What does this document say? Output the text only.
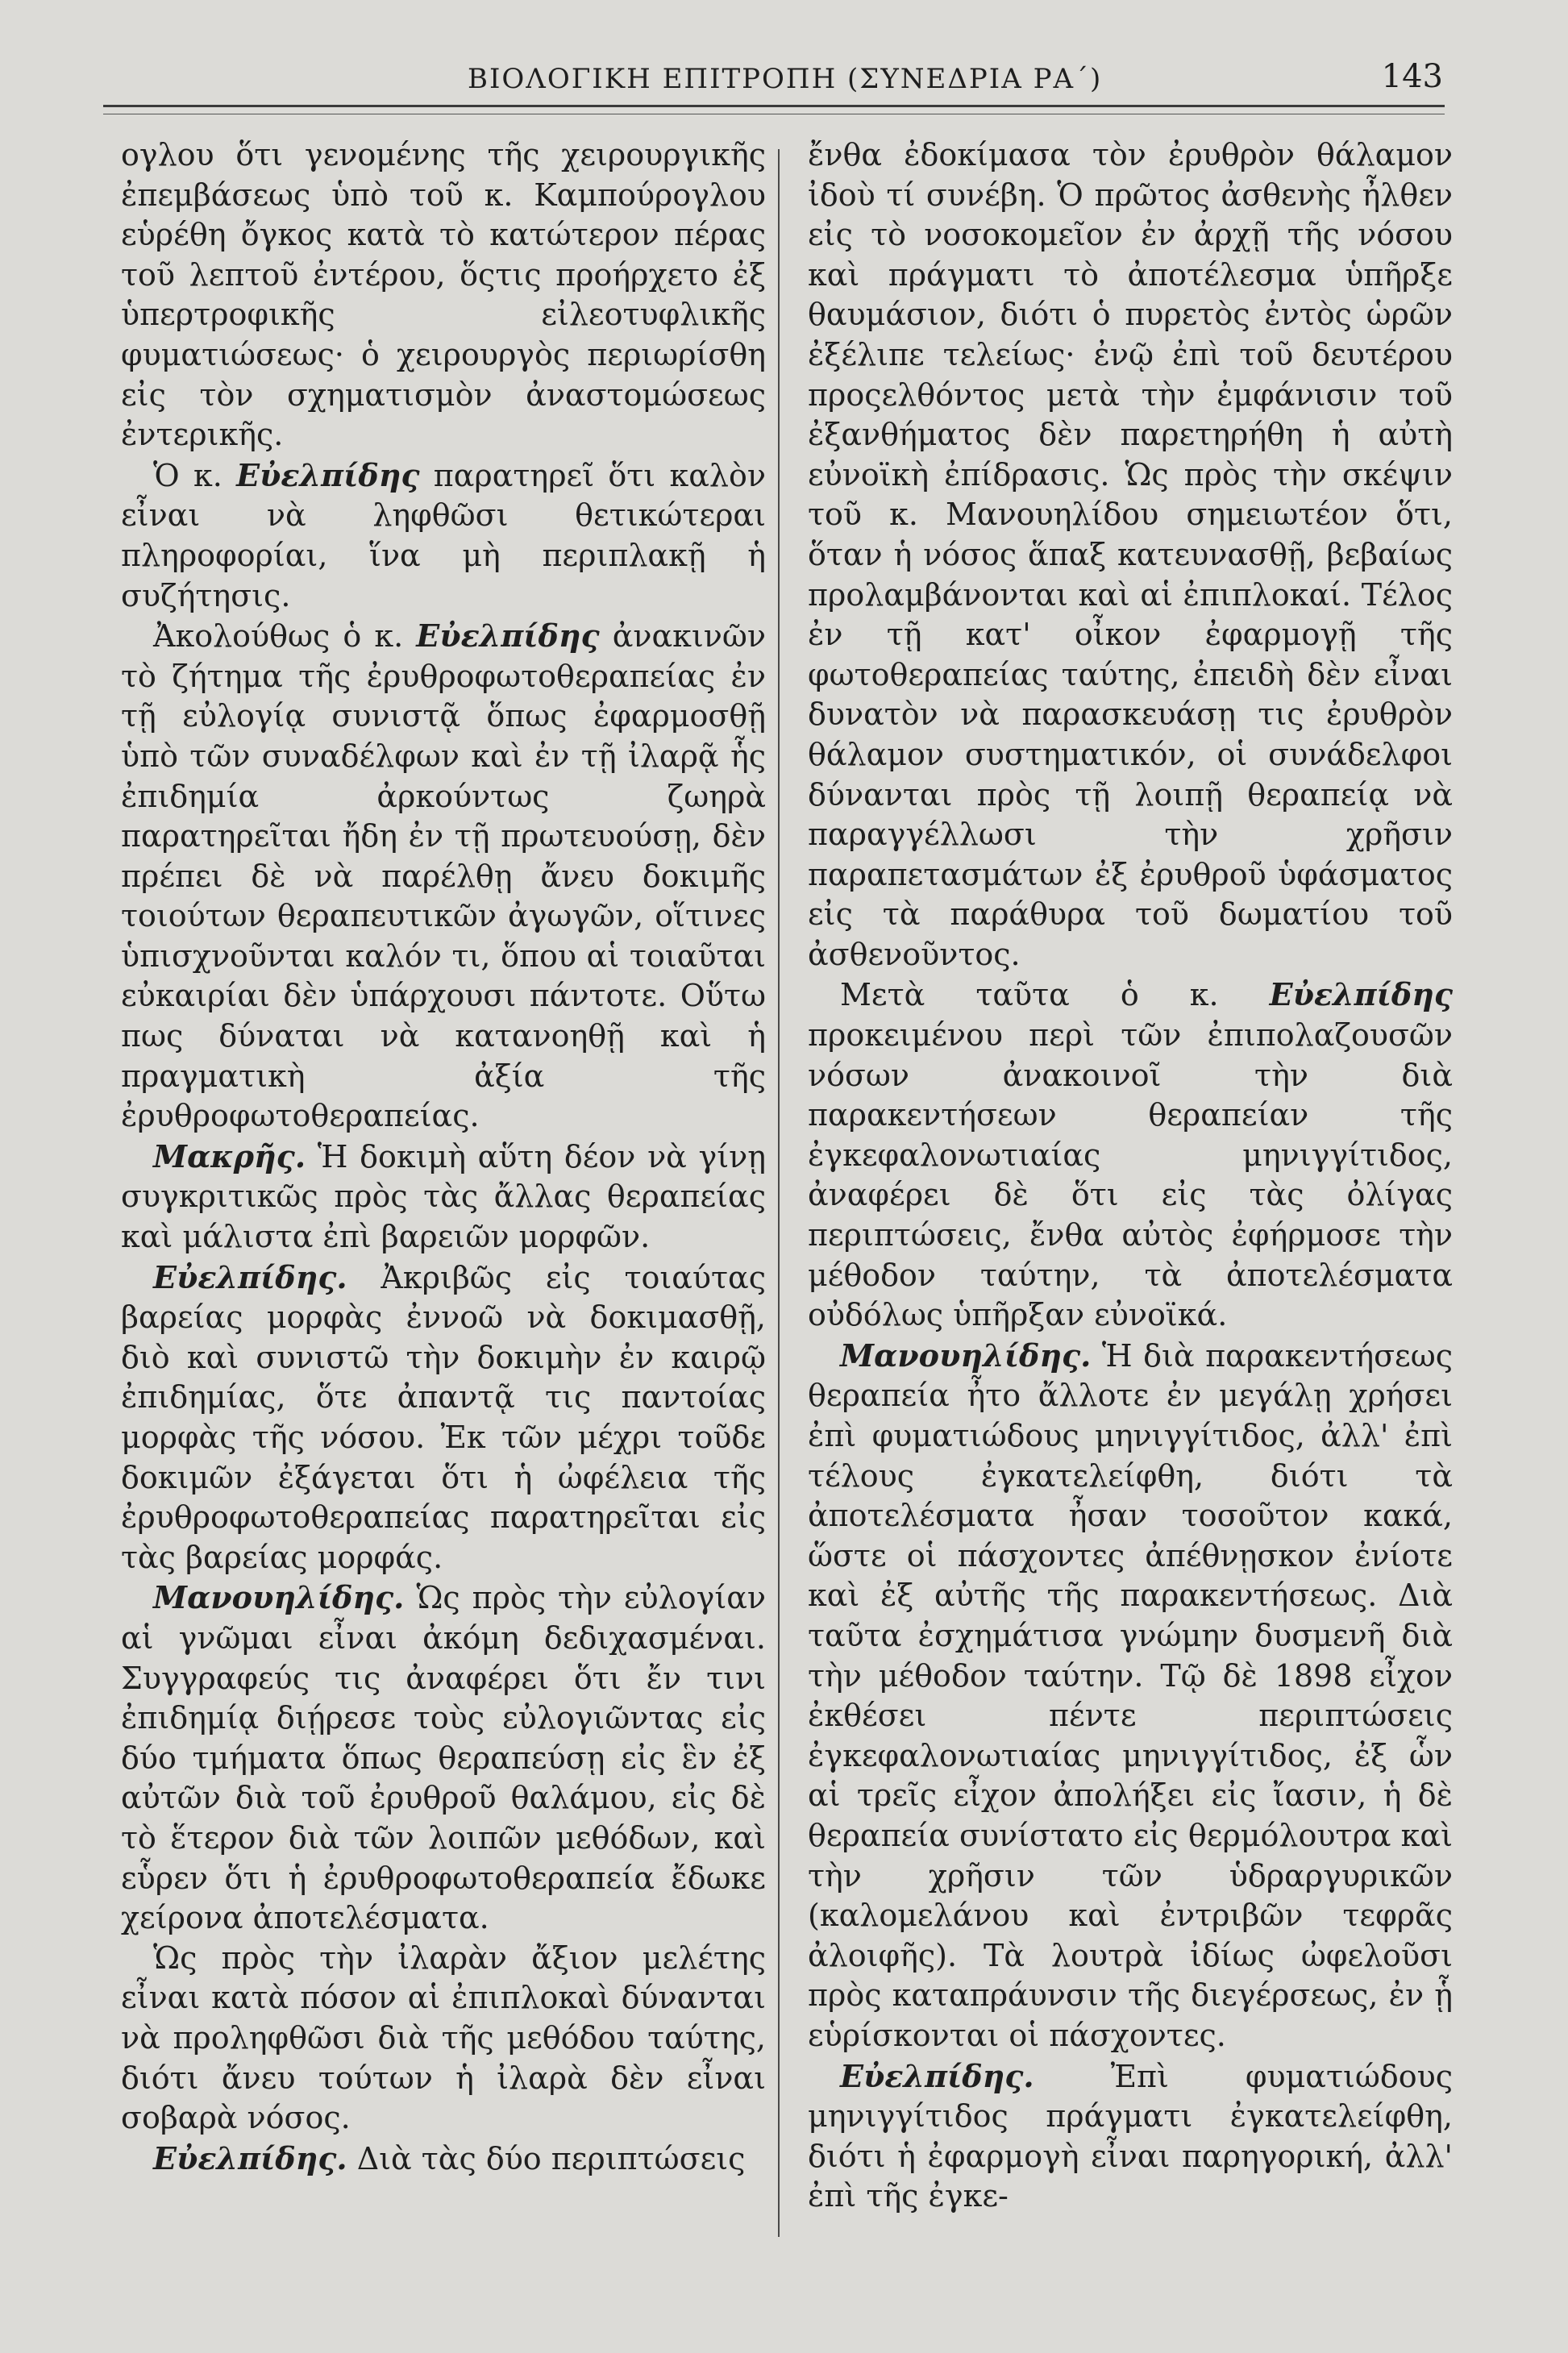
ΒΙΟΛΟΓΙΚΗ ΕΠΙΤΡΟΠΗ (ΣΥΝΕΔΡΙΑ ΡΑ΄)	143

ογλου ὅτι γενομένης τῆς χειρουργικῆς ἐπεμβάσεως ὑπὸ τοῦ κ. Καμπούρογλου εὑρέθη ὄγκος κατὰ τὸ κατώτερον πέρας τοῦ λεπτοῦ ἐντέρου, ὅςτις προήρχετο ἐξ ὑπερτροφικῆς εἰλεοτυφλικῆς φυματιώσεως· ὁ χειρουργὸς περιωρίσθη εἰς τὸν σχηματισμὸν ἀναστομώσεως ἐντερικῆς.

Ὁ κ. Εὐελπίδης παρατηρεῖ ὅτι καλὸν εἶναι νὰ ληφθῶσι θετικώτεραι πληροφορίαι, ἵνα μὴ περιπλακῇ ἡ συζήτησις.

Ἀκολούθως ὁ κ. Εὐελπίδης ἀνακινῶν τὸ ζήτημα τῆς ἐρυθροφωτοθεραπείας ἐν τῇ εὐλογίᾳ συνιστᾷ ὅπως ἐφαρμοσθῇ ὑπὸ τῶν συναδέλφων καὶ ἐν τῇ ἰλαρᾷ ἧς ἐπιδημία ἀρκούντως ζωηρὰ παρατηρεῖται ἤδη ἐν τῇ πρωτευούσῃ, δὲν πρέπει δὲ νὰ παρέλθῃ ἄνευ δοκιμῆς τοιούτων θεραπευτικῶν ἀγωγῶν, οἵτινες ὑπισχνοῦνται καλόν τι, ὅπου αἱ τοιαῦται εὐκαιρίαι δὲν ὑπάρχουσι πάντοτε. Οὕτω πως δύναται νὰ κατανοηθῇ καὶ ἡ πραγματικὴ ἀξία τῆς ἐρυθροφωτοθεραπείας.

Μακρῆς. Ἡ δοκιμὴ αὕτη δέον νὰ γίνῃ συγκριτικῶς πρὸς τὰς ἄλλας θεραπείας καὶ μάλιστα ἐπὶ βαρειῶν μορφῶν.

Εὐελπίδης. Ἀκριβῶς εἰς τοιαύτας βαρείας μορφὰς ἐννοῶ νὰ δοκιμασθῇ, διὸ καὶ συνιστῶ τὴν δοκιμὴν ἐν καιρῷ ἐπιδημίας, ὅτε ἀπαντᾷ τις παντοίας μορφὰς τῆς νόσου. Ἐκ τῶν μέχρι τοῦδε δοκιμῶν ἐξάγεται ὅτι ἡ ὠφέλεια τῆς ἐρυθροφωτοθεραπείας παρατηρεῖται εἰς τὰς βαρείας μορφάς.

Μανουηλίδης. Ὡς πρὸς τὴν εὐλογίαν αἱ γνῶμαι εἶναι ἀκόμη δεδιχασμέναι. Συγγραφεύς τις ἀναφέρει ὅτι ἔν τινι ἐπιδημίᾳ διῄρεσε τοὺς εὐλογιῶντας εἰς δύο τμήματα ὅπως θεραπεύσῃ εἰς ἓν ἐξ αὐτῶν διὰ τοῦ ἐρυθροῦ θαλάμου, εἰς δὲ τὸ ἕτερον διὰ τῶν λοιπῶν μεθόδων, καὶ εὗρεν ὅτι ἡ ἐρυθροφωτοθεραπεία ἔδωκε χείρονα ἀποτελέσματα.

Ὡς πρὸς τὴν ἰλαρὰν ἄξιον μελέτης εἶναι κατὰ πόσον αἱ ἐπιπλοκαὶ δύνανται νὰ προληφθῶσι διὰ τῆς μεθόδου ταύτης, διότι ἄνευ τούτων ἡ ἰλαρὰ δὲν εἶναι σοβαρὰ νόσος.

Εὐελπίδης. Διὰ τὰς δύο περιπτώσεις

ἔνθα ἐδοκίμασα τὸν ἐρυθρὸν θάλαμον ἰδοὺ τί συνέβη. Ὁ πρῶτος ἀσθενὴς ἦλθεν εἰς τὸ νοσοκομεῖον ἐν ἀρχῇ τῆς νόσου καὶ πράγματι τὸ ἀποτέλεσμα ὑπῆρξε θαυμάσιον, διότι ὁ πυρετὸς ἐντὸς ὡρῶν ἐξέλιπε τελείως· ἐνῷ ἐπὶ τοῦ δευτέρου προςελθόντος μετὰ τὴν ἐμφάνισιν τοῦ ἐξανθήματος δὲν παρετηρήθη ἡ αὐτὴ εὐνοϊκὴ ἐπίδρασις. Ὡς πρὸς τὴν σκέψιν τοῦ κ. Μανουηλίδου σημειωτέον ὅτι, ὅταν ἡ νόσος ἅπαξ κατευνασθῇ, βεβαίως προλαμβάνονται καὶ αἱ ἐπιπλοκαί. Τέλος ἐν τῇ κατ' οἶκον ἐφαρμογῇ τῆς φωτοθεραπείας ταύτης, ἐπειδὴ δὲν εἶναι δυνατὸν νὰ παρασκευάσῃ τις ἐρυθρὸν θάλαμον συστηματικόν, οἱ συνάδελφοι δύνανται πρὸς τῇ λοιπῇ θεραπείᾳ νὰ παραγγέλλωσι τὴν χρῆσιν παραπετασμάτων ἐξ ἐρυθροῦ ὑφάσματος εἰς τὰ παράθυρα τοῦ δωματίου τοῦ ἀσθενοῦντος.

Μετὰ ταῦτα ὁ κ. Εὐελπίδης προκειμένου περὶ τῶν ἐπιπολαζουσῶν νόσων ἀνακοινοῖ τὴν διὰ παρακεντήσεων θεραπείαν τῆς ἐγκεφαλονωτιαίας μηνιγγίτιδος, ἀναφέρει δὲ ὅτι εἰς τὰς ὀλίγας περιπτώσεις, ἔνθα αὐτὸς ἐφήρμοσε τὴν μέθοδον ταύτην, τὰ ἀποτελέσματα οὐδόλως ὑπῆρξαν εὐνοϊκά.

Μανουηλίδης. Ἡ διὰ παρακεντήσεως θεραπεία ἦτο ἄλλοτε ἐν μεγάλῃ χρήσει ἐπὶ φυματιώδους μηνιγγίτιδος, ἀλλ' ἐπὶ τέλους ἐγκατελείφθη, διότι τὰ ἀποτελέσματα ἦσαν τοσοῦτον κακά, ὥστε οἱ πάσχοντες ἀπέθνῃσκον ἐνίοτε καὶ ἐξ αὐτῆς τῆς παρακεντήσεως. Διὰ ταῦτα ἐσχημάτισα γνώμην δυσμενῆ διὰ τὴν μέθοδον ταύτην. Τῷ δὲ 1898 εἶχον ἐκθέσει πέντε περιπτώσεις ἐγκεφαλονωτιαίας μηνιγγίτιδος, ἐξ ὧν αἱ τρεῖς εἶχον ἀπολήξει εἰς ἴασιν, ἡ δὲ θεραπεία συνίστατο εἰς θερμόλουτρα καὶ τὴν χρῆσιν τῶν ὑδραργυρικῶν (καλομελάνου καὶ ἐντριβῶν τεφρᾶς ἀλοιφῆς). Τὰ λουτρὰ ἰδίως ὠφελοῦσι πρὸς καταπράυνσιν τῆς διεγέρσεως, ἐν ᾗ εὑρίσκονται οἱ πάσχοντες.

Εὐελπίδης. Ἐπὶ φυματιώδους μηνιγγίτιδος πράγματι ἐγκατελείφθη, διότι ἡ ἐφαρμογὴ εἶναι παρηγορική, ἀλλ' ἐπὶ τῆς ἐγκε-
